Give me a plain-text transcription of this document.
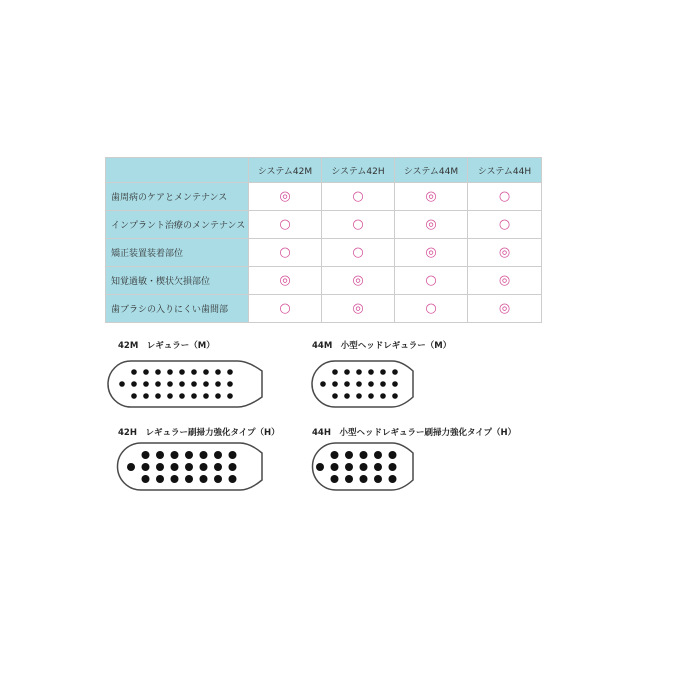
	システム42M	システム42H	システム44M	システム44H
歯周病のケアとメンテナンス	◎	○	◎	○
インプラント治療のメンテナンス	○	○	◎	○
矯正装置装着部位	○	○	◎	◎
知覚過敏・楔状欠損部位	◎	◎	○	◎
歯ブラシの入りにくい歯間部	○	◎	○	◎
42M　レギュラー（M）	44M　小型ヘッドレギュラー（M）
42H　レギュラー刷掃力強化タイプ（H）	44H　小型ヘッドレギュラー刷掃力強化タイプ（H）
